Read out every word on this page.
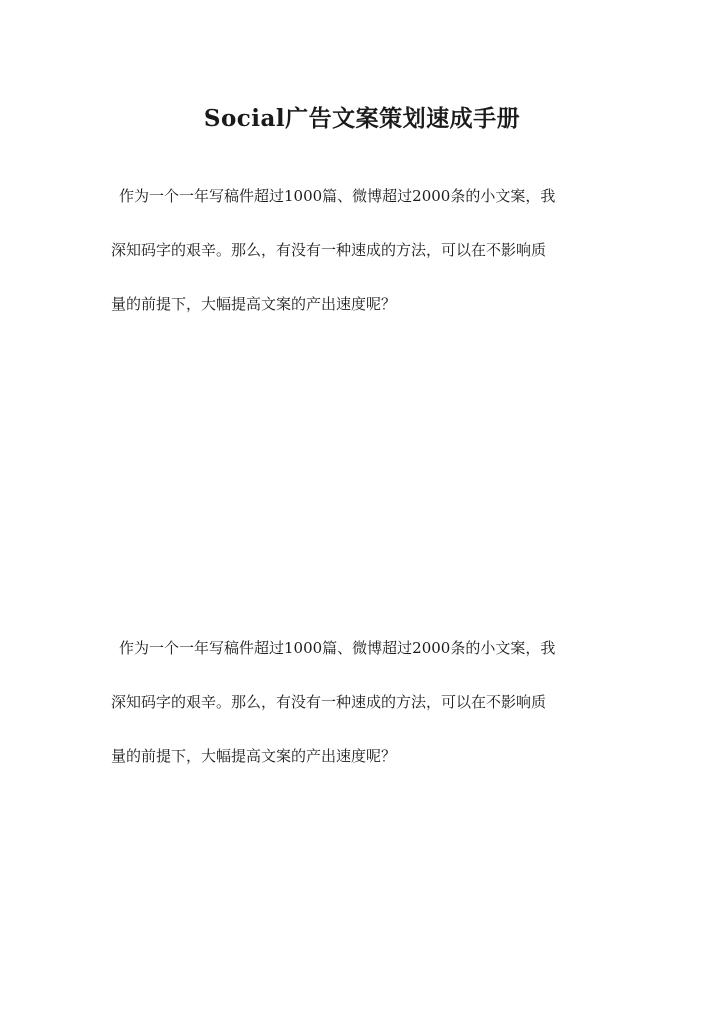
Social广告文案策划速成手册
作为一个一年写稿件超过1000篇、微博超过2000条的小文案，我
深知码字的艰辛。那么，有没有一种速成的方法，可以在不影响质
量的前提下，大幅提高文案的产出速度呢？
作为一个一年写稿件超过1000篇、微博超过2000条的小文案，我
深知码字的艰辛。那么，有没有一种速成的方法，可以在不影响质
量的前提下，大幅提高文案的产出速度呢？
